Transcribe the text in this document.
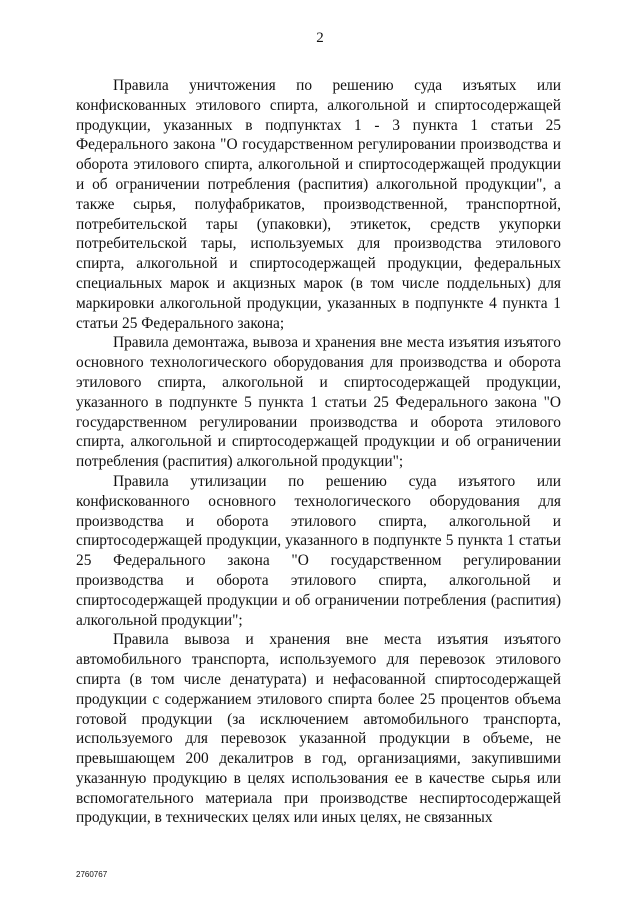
2

Правила уничтожения по решению суда изъятых или конфискованных этилового спирта, алкогольной и спиртосодержащей продукции, указанных в подпунктах 1 - 3 пункта 1 статьи 25 Федерального закона "О государственном регулировании производства и оборота этилового спирта, алкогольной и спиртосодержащей продукции и об ограничении потребления (распития) алкогольной продукции", а также сырья, полуфабрикатов, производственной, транспортной, потребительской тары (упаковки), этикеток, средств укупорки потребительской тары, используемых для производства этилового спирта, алкогольной и спиртосодержащей продукции, федеральных специальных марок и акцизных марок (в том числе поддельных) для маркировки алкогольной продукции, указанных в подпункте 4 пункта 1 статьи 25 Федерального закона;

Правила демонтажа, вывоза и хранения вне места изъятия изъятого основного технологического оборудования для производства и оборота этилового спирта, алкогольной и спиртосодержащей продукции, указанного в подпункте 5 пункта 1 статьи 25 Федерального закона "О государственном регулировании производства и оборота этилового спирта, алкогольной и спиртосодержащей продукции и об ограничении потребления (распития) алкогольной продукции";

Правила утилизации по решению суда изъятого или конфискованного основного технологического оборудования для производства и оборота этилового спирта, алкогольной и спиртосодержащей продукции, указанного в подпункте 5 пункта 1 статьи 25 Федерального закона "О государственном регулировании производства и оборота этилового спирта, алкогольной и спиртосодержащей продукции и об ограничении потребления (распития) алкогольной продукции";

Правила вывоза и хранения вне места изъятия изъятого автомобильного транспорта, используемого для перевозок этилового спирта (в том числе денатурата) и нефасованной спиртосодержащей продукции с содержанием этилового спирта более 25 процентов объема готовой продукции (за исключением автомобильного транспорта, используемого для перевозок указанной продукции в объеме, не превышающем 200 декалитров в год, организациями, закупившими указанную продукцию в целях использования ее в качестве сырья или вспомогательного материала при производстве неспиртосодержащей продукции, в технических целях или иных целях, не связанных

2760767
